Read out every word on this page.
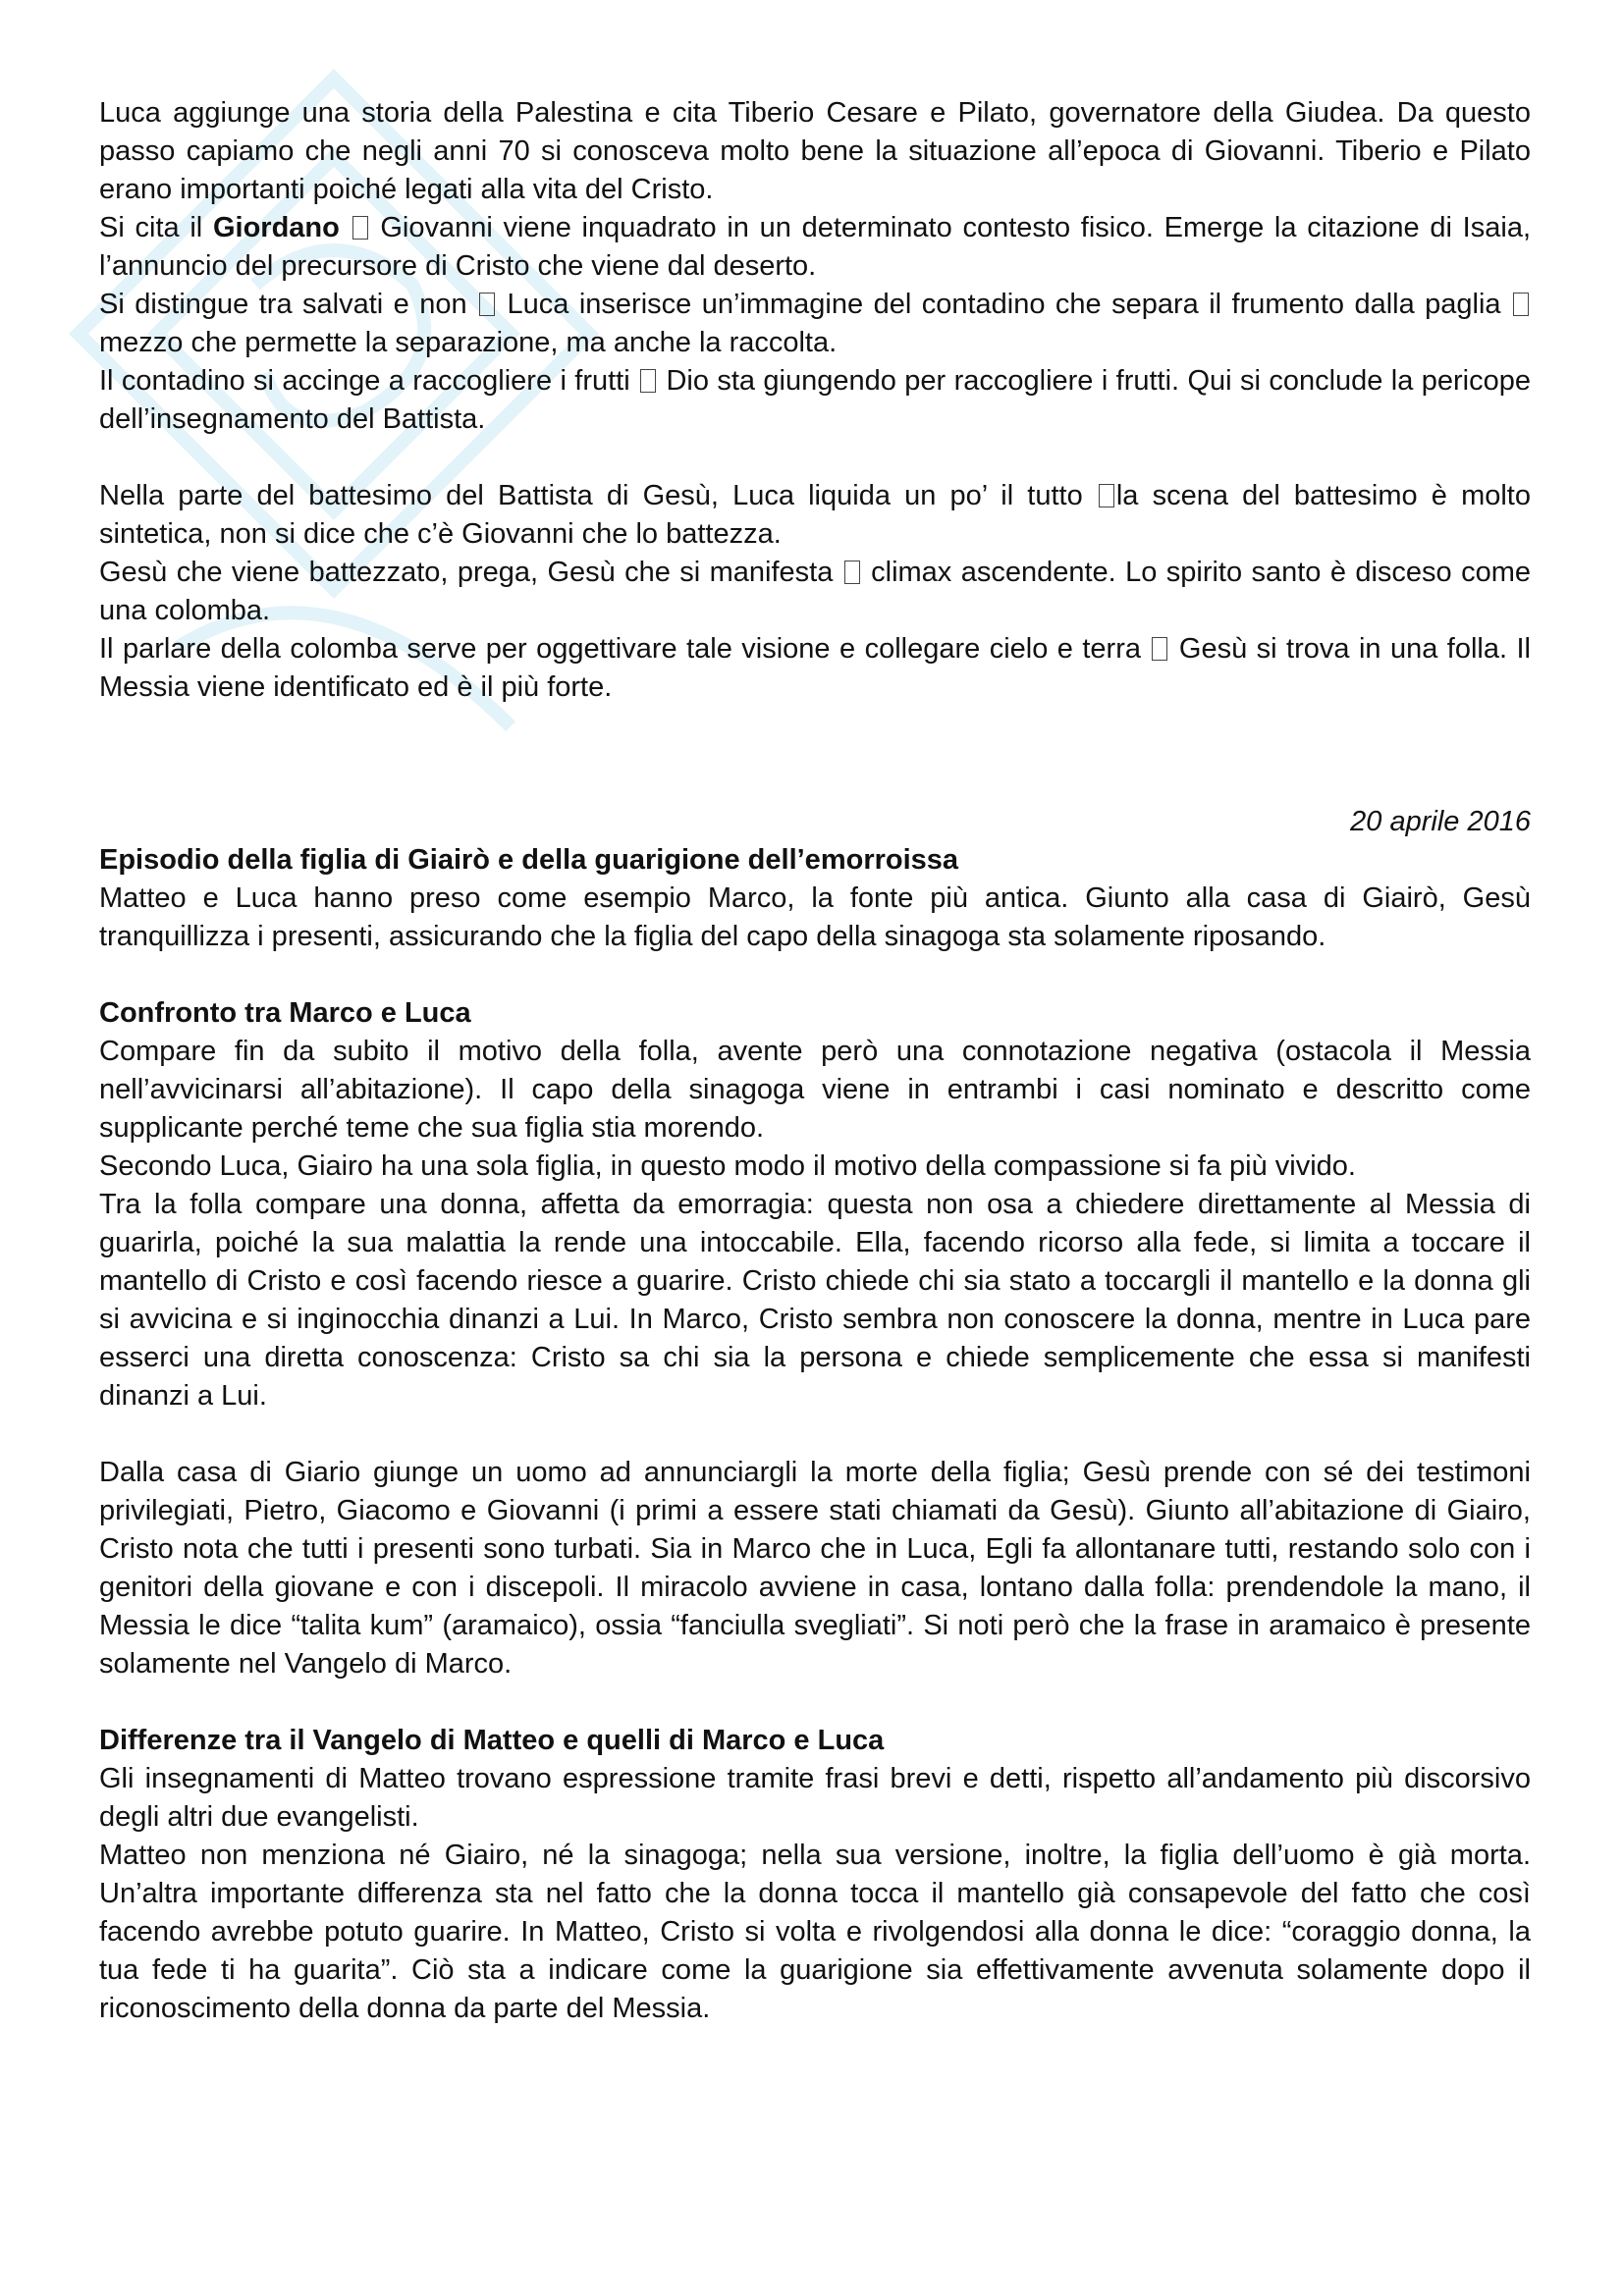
Luca aggiunge una storia della Palestina e cita Tiberio Cesare e Pilato, governatore della Giudea. Da questo passo capiamo che negli anni 70 si conosceva molto bene la situazione all’epoca di Giovanni. Tiberio e Pilato erano importanti poiché legati alla vita del Cristo.

Si cita il Giordano  Giovanni viene inquadrato in un determinato contesto fisico. Emerge la citazione di Isaia, l’annuncio del precursore di Cristo che viene dal deserto.

Si distingue tra salvati e non  Luca inserisce un’immagine del contadino che separa il frumento dalla paglia  mezzo che permette la separazione, ma anche la raccolta.

Il contadino si accinge a raccogliere i frutti  Dio sta giungendo per raccogliere i frutti. Qui si conclude la pericope dell’insegnamento del Battista.

Nella parte del battesimo del Battista di Gesù, Luca liquida un po’ il tutto la scena del battesimo è molto sintetica, non si dice che c’è Giovanni che lo battezza.

Gesù che viene battezzato, prega, Gesù che si manifesta  climax ascendente. Lo spirito santo è disceso come una colomba.

Il parlare della colomba serve per oggettivare tale visione e collegare cielo e terra  Gesù si trova in una folla. Il Messia viene identificato ed è il più forte.

20 aprile 2016

Episodio della figlia di Giairò e della guarigione dell’emorroissa

Matteo e Luca hanno preso come esempio Marco, la fonte più antica. Giunto alla casa di Giairò, Gesù tranquillizza i presenti, assicurando che la figlia del capo della sinagoga sta solamente riposando.

Confronto tra Marco e Luca

Compare fin da subito il motivo della folla, avente però una connotazione negativa (ostacola il Messia nell’avvicinarsi all’abitazione). Il capo della sinagoga viene in entrambi i casi nominato e descritto come supplicante perché teme che sua figlia stia morendo.

Secondo Luca, Giairo ha una sola figlia, in questo modo il motivo della compassione si fa più vivido.

Tra la folla compare una donna, affetta da emorragia: questa non osa a chiedere direttamente al Messia di guarirla, poiché la sua malattia la rende una intoccabile. Ella, facendo ricorso alla fede, si limita a toccare il mantello di Cristo e così facendo riesce a guarire. Cristo chiede chi sia stato a toccargli il mantello e la donna gli si avvicina e si inginocchia dinanzi a Lui. In Marco, Cristo sembra non conoscere la donna, mentre in Luca pare esserci una diretta conoscenza: Cristo sa chi sia la persona e chiede semplicemente che essa si manifesti dinanzi a Lui.

Dalla casa di Giario giunge un uomo ad annunciargli la morte della figlia; Gesù prende con sé dei testimoni privilegiati, Pietro, Giacomo e Giovanni (i primi a essere stati chiamati da Gesù). Giunto all’abitazione di Giairo, Cristo nota che tutti i presenti sono turbati. Sia in Marco che in Luca, Egli fa allontanare tutti, restando solo con i genitori della giovane e con i discepoli. Il miracolo avviene in casa, lontano dalla folla: prendendole la mano, il Messia le dice “talita kum” (aramaico), ossia “fanciulla svegliati”. Si noti però che la frase in aramaico è presente solamente nel Vangelo di Marco.

Differenze tra il Vangelo di Matteo e quelli di Marco e Luca

Gli insegnamenti di Matteo trovano espressione tramite frasi brevi e detti, rispetto all’andamento più discorsivo degli altri due evangelisti.

Matteo non menziona né Giairo, né la sinagoga; nella sua versione, inoltre, la figlia dell’uomo è già morta. Un’altra importante differenza sta nel fatto che la donna tocca il mantello già consapevole del fatto che così facendo avrebbe potuto guarire. In Matteo, Cristo si volta e rivolgendosi alla donna le dice: “coraggio donna, la tua fede ti ha guarita”. Ciò sta a indicare come la guarigione sia effettivamente avvenuta solamente dopo il riconoscimento della donna da parte del Messia.
